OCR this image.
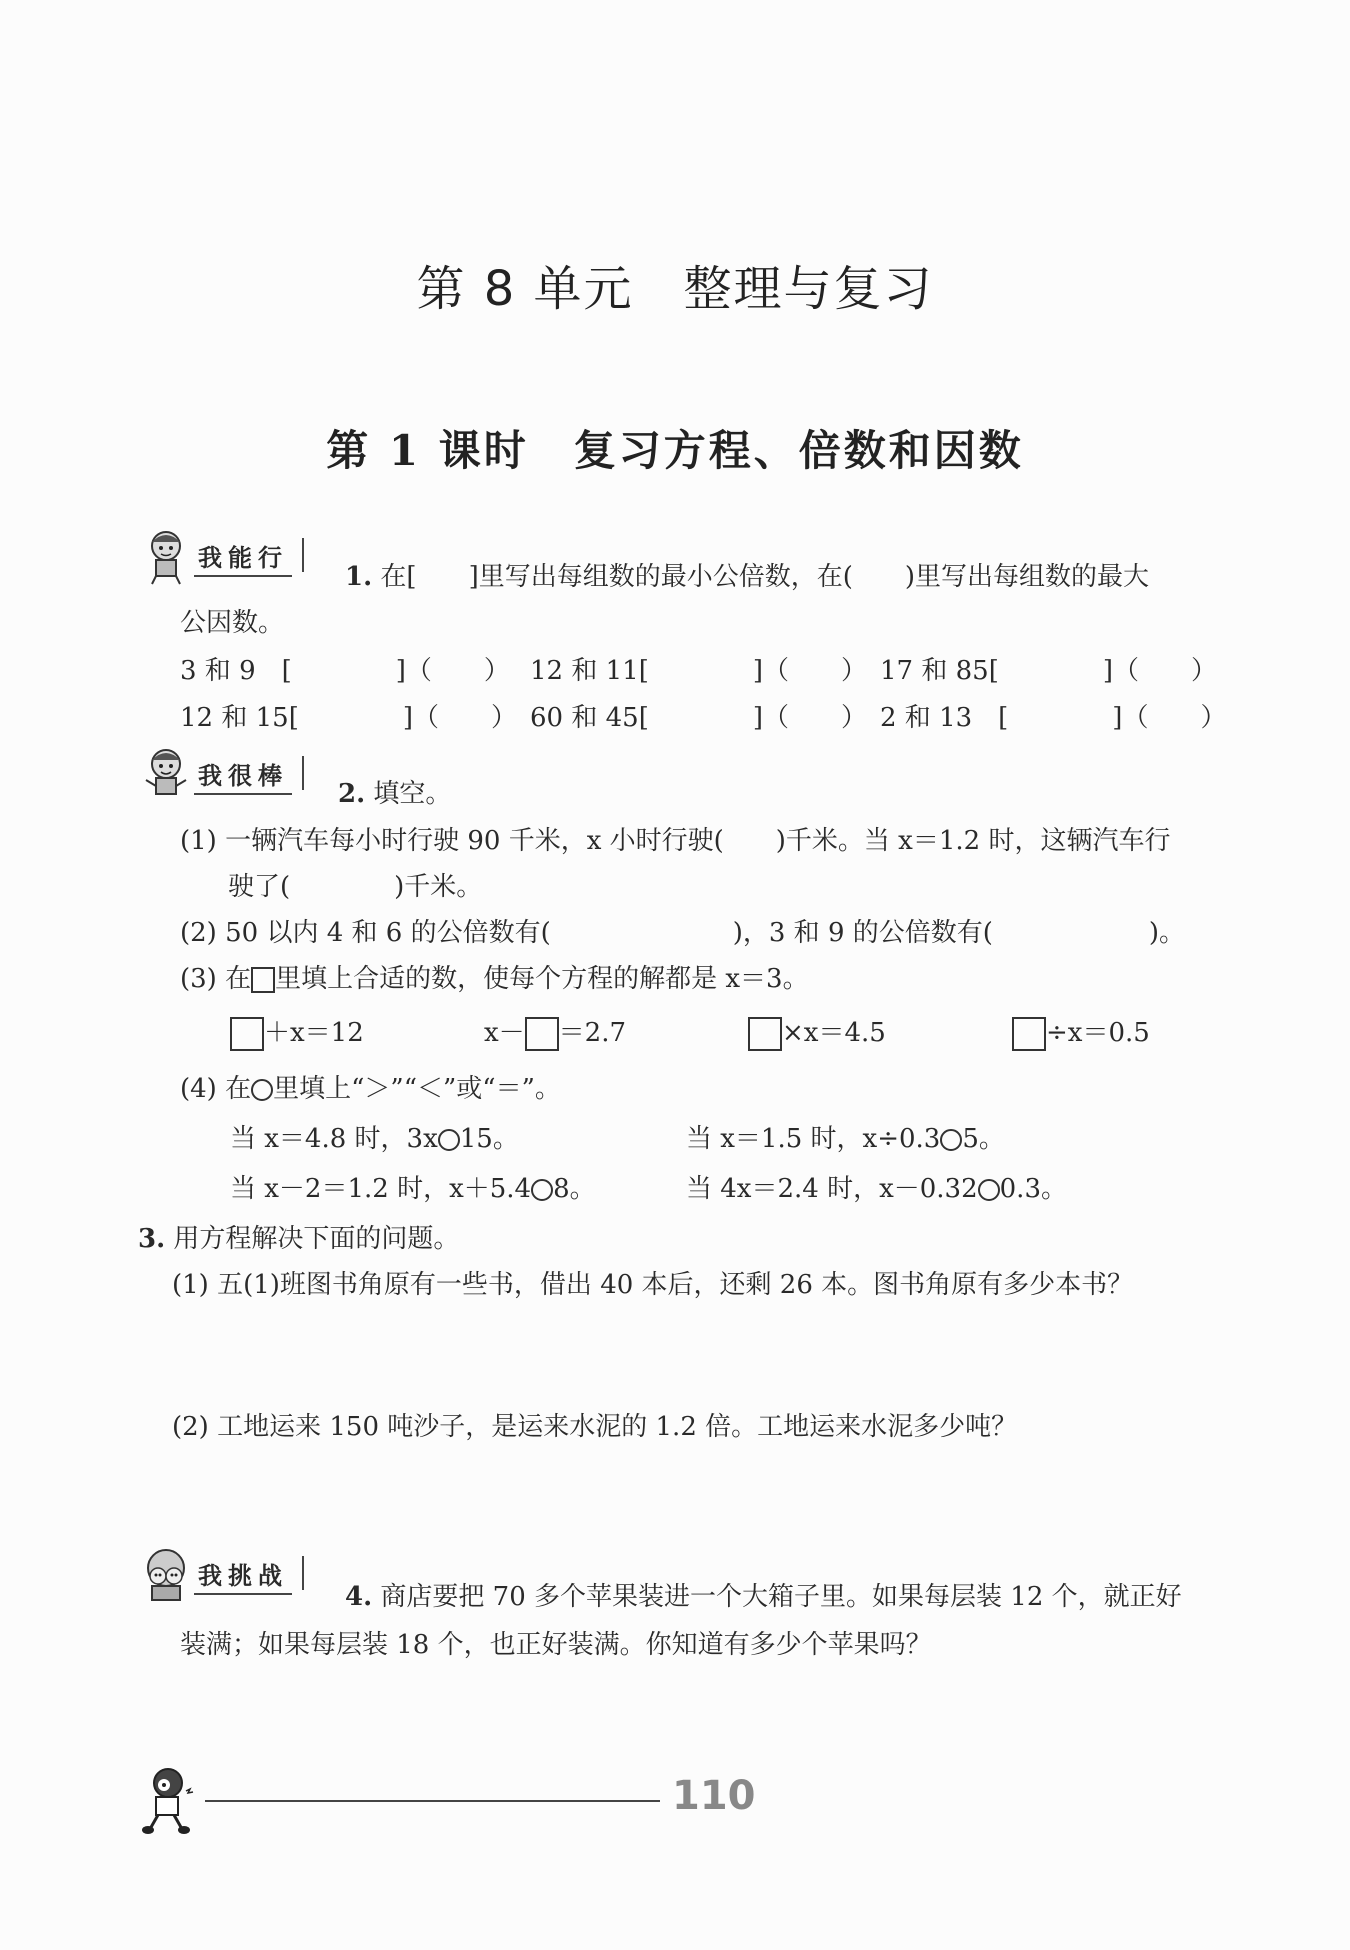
第 8 单元　整理与复习
第 1 课时　复习方程、倍数和因数
我能行
1. 在[　　]里写出每组数的最小公倍数，在(　　)里写出每组数的最大
公因数。
3 和 9　[　　　　]（　　） 12 和 11[　　　　]（　　） 17 和 85[　　　　]（　　）
12 和 15[　　　　]（　　） 60 和 45[　　　　]（　　） 2 和 13　[　　　　]（　　）
我很棒
2. 填空。
(1) 一辆汽车每小时行驶 90 千米，x 小时行驶(　　)千米。当 x＝1.2 时，这辆汽车行
驶了(　　　　)千米。
(2) 50 以内 4 和 6 的公倍数有(　　　　　　　)，3 和 9 的公倍数有(　　　　　　)。
(3) 在 里填上合适的数，使每个方程的解都是 x＝3。
＋x＝12	x－ ＝2.7	×x＝4.5	÷x＝0.5
(4) 在 里填上“＞”“＜”或“＝”。
当 x＝4.8 时，3x 15。	当 x＝1.5 时，x÷0.3 5。
当 x－2＝1.2 时，x＋5.4 8。	当 4x＝2.4 时，x－0.32 0.3。
3. 用方程解决下面的问题。
(1) 五(1)班图书角原有一些书，借出 40 本后，还剩 26 本。图书角原有多少本书？
(2) 工地运来 150 吨沙子，是运来水泥的 1.2 倍。工地运来水泥多少吨？
我挑战
4. 商店要把 70 多个苹果装进一个大箱子里。如果每层装 12 个，就正好
装满；如果每层装 18 个，也正好装满。你知道有多少个苹果吗？
110
